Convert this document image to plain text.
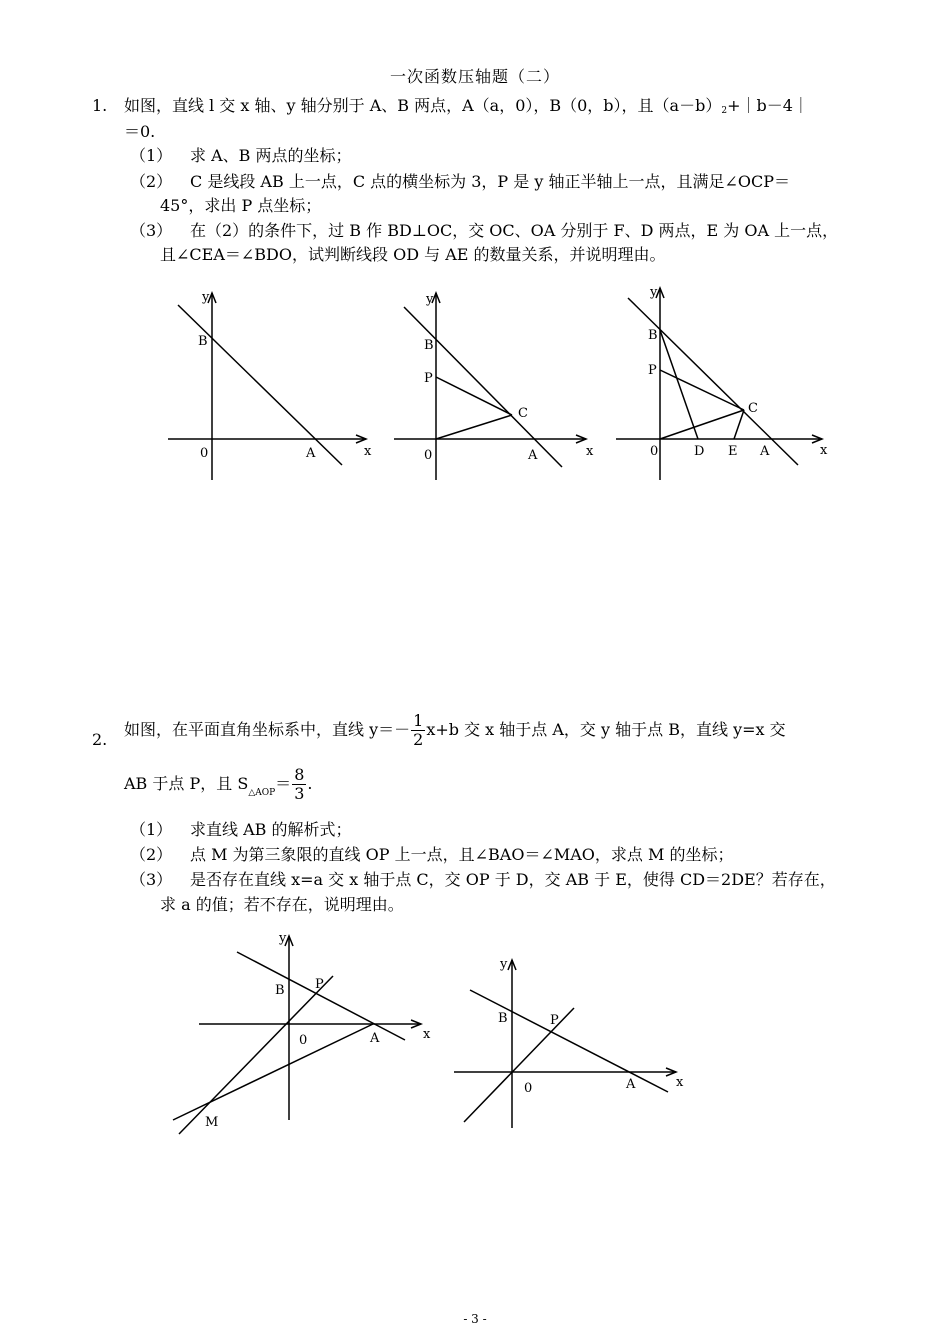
一次函数压轴题（二）
1. 如图，直线 l 交 x 轴、y 轴分别于 A、B 两点，A（a，0），B（0，b），且$(a-b)_2+|b-4|$
＝0.
（1） 求 A、B 两点的坐标；
（2） C 是线段 AB 上一点，C 点的横坐标为 3，P 是 y 轴正半轴上一点，且满足∠OCP＝
45°，求出 P 点坐标；
（3） 在（2）的条件下，过 B 作 BD⊥OC，交 OC、OA 分别于 F、D 两点，E 为 OA 上一点，
且∠CEA＝∠BDO，试判断线段 OD 与 AE 的数量关系，并说明理由。
y
x
B
0	A
y
x
B
P
C
0	A
y
x
B
P
C
0	D E A
2.
如图，在平面直角坐标系中，直线 $y=- \frac{1}{2} x+b$ 交 x 轴于点 A，交 y 轴于点 B，直线 y=x 交
AB 于点 P，且 $S_{\triangle AOP}= \frac{8}{3}$ .
（1） 求直线 AB 的解析式；
（2） 点 M 为第三象限的直线 OP 上一点，且∠BAO＝∠MAO，求点 M 的坐标；
（3） 是否存在直线 x=a 交 x 轴于点 C，交 OP 于 D，交 AB 于 E，使得 CD＝2DE？若存在，
求 a 的值；若不存在，说明理由。
y
x
B P
0	A
M
y
x
B	P
0	A
- 3 -
